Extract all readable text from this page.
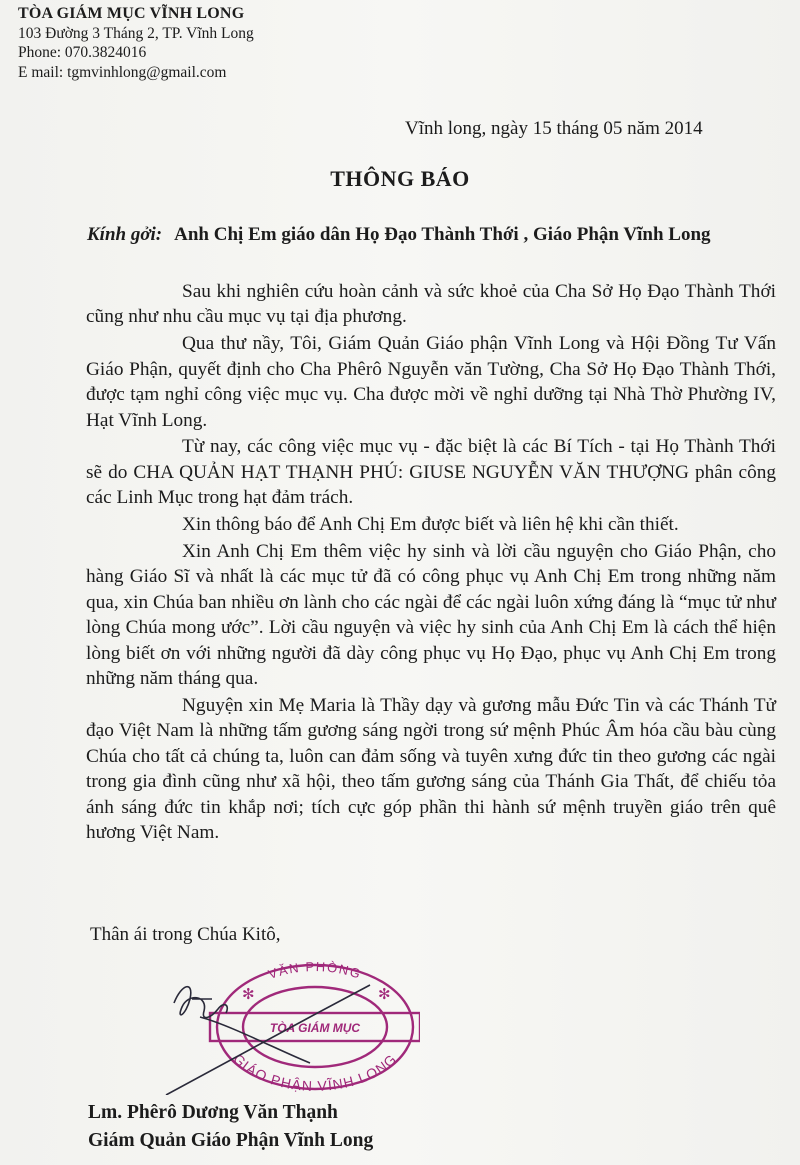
TÒA GIÁM MỤC VĨNH LONG
103 Đường 3 Tháng 2, TP. Vĩnh Long
Phone: 070.3824016
E mail: tgmvinhlong@gmail.com
Vĩnh long, ngày 15 tháng 05 năm 2014
THÔNG BÁO
Kính gởi: Anh Chị Em giáo dân Họ Đạo Thành Thới , Giáo Phận Vĩnh Long

Sau khi nghiên cứu hoàn cảnh và sức khoẻ của Cha Sở Họ Đạo Thành Thới cũng như nhu cầu mục vụ tại địa phương.

Qua thư nầy, Tôi, Giám Quản Giáo phận Vĩnh Long và Hội Đồng Tư Vấn Giáo Phận, quyết định cho Cha Phêrô Nguyễn văn Tường, Cha Sở Họ Đạo Thành Thới, được tạm nghỉ công việc mục vụ. Cha được mời về nghỉ dưỡng tại Nhà Thờ Phường IV, Hạt Vĩnh Long.

Từ nay, các công việc mục vụ - đặc biệt là các Bí Tích - tại Họ Thành Thới sẽ do CHA QUẢN HẠT THẠNH PHÚ: GIUSE NGUYỄN VĂN THƯỢNG phân công các Linh Mục trong hạt đảm trách.

Xin thông báo để Anh Chị Em được biết và liên hệ khi cần thiết.

Xin Anh Chị Em thêm việc hy sinh và lời cầu nguyện cho Giáo Phận, cho hàng Giáo Sĩ và nhất là các mục tử đã có công phục vụ Anh Chị Em trong những năm qua, xin Chúa ban nhiều ơn lành cho các ngài để các ngài luôn xứng đáng là “mục tử như lòng Chúa mong ước”. Lời cầu nguyện và việc hy sinh của Anh Chị Em là cách thể hiện lòng biết ơn với những người đã dày công phục vụ Họ Đạo, phục vụ Anh Chị Em trong những năm tháng qua.

Nguyện xin Mẹ Maria là Thầy dạy và gương mẫu Đức Tin và các Thánh Tử đạo Việt Nam là những tấm gương sáng ngời trong sứ mệnh Phúc Âm hóa cầu bàu cùng Chúa cho tất cả chúng ta, luôn can đảm sống và tuyên xưng đức tin theo gương các ngài trong gia đình cũng như xã hội, theo tấm gương sáng của Thánh Gia Thất, để chiếu tỏa ánh sáng đức tin khắp nơi; tích cực góp phần thi hành sứ mệnh truyền giáo trên quê hương Việt Nam.

Thân ái trong Chúa Kitô,
VĂN PHÒNG
GIÁO PHẬN VĨNH LONG
TÒA GIÁM MỤC
✻	✻
Lm. Phêrô Dương Văn Thạnh
Giám Quản Giáo Phận Vĩnh Long
